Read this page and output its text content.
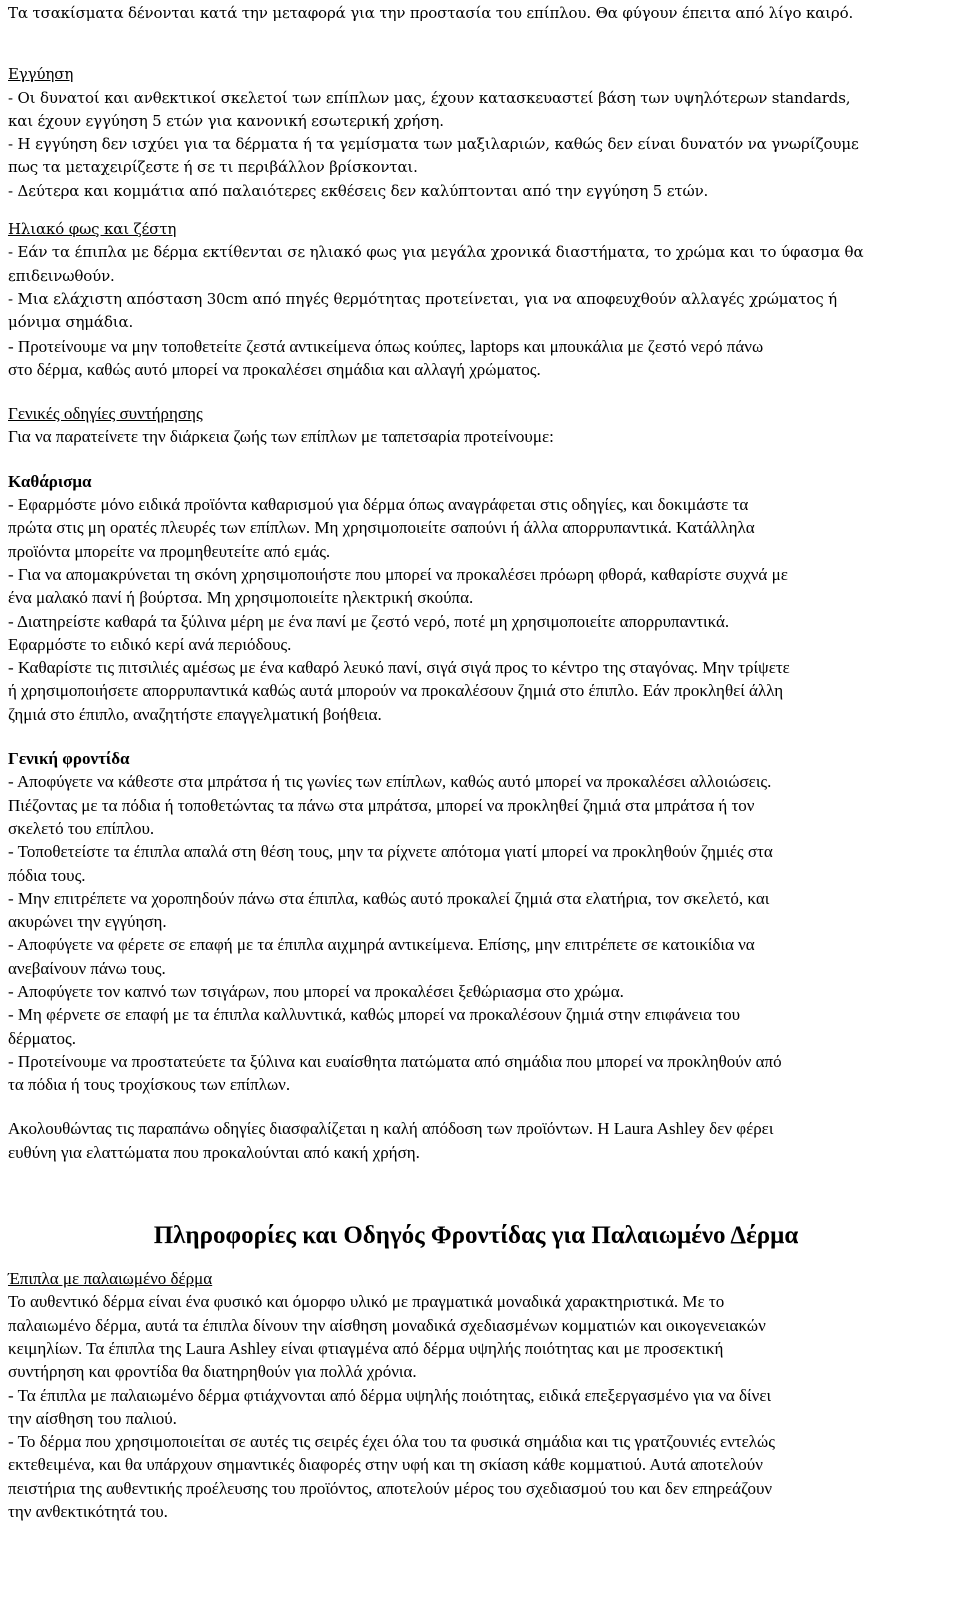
Τα τσακίσματα δένονται κατά την μεταφορά για την προστασία του επίπλου. Θα φύγουν έπειτα από λίγο καιρό.

Εγγύηση

- Οι δυνατοί και ανθεκτικοί σκελετοί των επίπλων μας, έχουν κατασκευαστεί βάση των υψηλότερων standards,

και έχουν εγγύηση 5 ετών για κανονική εσωτερική χρήση.

- Η εγγύηση δεν ισχύει για τα δέρματα ή τα γεμίσματα των μαξιλαριών, καθώς δεν είναι δυνατόν να γνωρίζουμε

πως τα μεταχειρίζεστε ή σε τι περιβάλλον βρίσκονται.

- Δεύτερα και κομμάτια από παλαιότερες εκθέσεις δεν καλύπτονται από την εγγύηση 5 ετών.

Ηλιακό φως και ζέστη

- Εάν τα έπιπλα με δέρμα εκτίθενται σε ηλιακό φως για μεγάλα χρονικά διαστήματα, το χρώμα και το ύφασμα θα

επιδεινωθούν.

- Μια ελάχιστη απόσταση 30cm από πηγές θερμότητας προτείνεται, για να αποφευχθούν αλλαγές χρώματος ή

μόνιμα σημάδια.

- Προτείνουμε να μην τοποθετείτε ζεστά αντικείμενα όπως κούπες, laptops και μπουκάλια με ζεστό νερό πάνω

στο δέρμα, καθώς αυτό μπορεί να προκαλέσει σημάδια και αλλαγή χρώματος.

Γενικές οδηγίες συντήρησης

Για να παρατείνετε την διάρκεια ζωής των επίπλων με ταπετσαρία προτείνουμε:

Καθάρισμα

- Εφαρμόστε μόνο ειδικά προϊόντα καθαρισμού για δέρμα όπως αναγράφεται στις οδηγίες, και δοκιμάστε τα

πρώτα στις μη ορατές πλευρές των επίπλων. Μη χρησιμοποιείτε σαπούνι ή άλλα απορρυπαντικά. Κατάλληλα

προϊόντα μπορείτε να προμηθευτείτε από εμάς.

- Για να απομακρύνεται τη σκόνη χρησιμοποιήστε που μπορεί να προκαλέσει πρόωρη φθορά, καθαρίστε συχνά με

ένα μαλακό πανί ή βούρτσα. Μη χρησιμοποιείτε ηλεκτρική σκούπα.

- Διατηρείστε καθαρά τα ξύλινα μέρη με ένα πανί με ζεστό νερό, ποτέ μη χρησιμοποιείτε απορρυπαντικά.

Εφαρμόστε το ειδικό κερί ανά περιόδους.

- Καθαρίστε τις πιτσιλιές αμέσως με ένα καθαρό λευκό πανί, σιγά σιγά προς το κέντρο της σταγόνας. Μην τρίψετε

ή χρησιμοποιήσετε απορρυπαντικά καθώς αυτά μπορούν να προκαλέσουν ζημιά στο έπιπλο. Εάν προκληθεί άλλη

ζημιά στο έπιπλο, αναζητήστε επαγγελματική βοήθεια.

Γενική φροντίδα

- Αποφύγετε να κάθεστε στα μπράτσα ή τις γωνίες των επίπλων, καθώς αυτό μπορεί να προκαλέσει αλλοιώσεις.

Πιέζοντας με τα πόδια ή τοποθετώντας τα πάνω στα μπράτσα, μπορεί να προκληθεί ζημιά στα μπράτσα ή τον

σκελετό του επίπλου.

- Τοποθετείστε τα έπιπλα απαλά στη θέση τους, μην τα ρίχνετε απότομα γιατί μπορεί να προκληθούν ζημιές στα

πόδια τους.

- Μην επιτρέπετε να χοροπηδούν πάνω στα έπιπλα, καθώς αυτό προκαλεί ζημιά στα ελατήρια, τον σκελετό, και

ακυρώνει την εγγύηση.

- Αποφύγετε να φέρετε σε επαφή με τα έπιπλα αιχμηρά αντικείμενα. Επίσης, μην επιτρέπετε σε κατοικίδια να

ανεβαίνουν πάνω τους.

- Αποφύγετε τον καπνό των τσιγάρων, που μπορεί να προκαλέσει ξεθώριασμα στο χρώμα.

- Μη φέρνετε σε επαφή με τα έπιπλα καλλυντικά, καθώς μπορεί να προκαλέσουν ζημιά στην επιφάνεια του

δέρματος.

- Προτείνουμε να προστατεύετε τα ξύλινα και ευαίσθητα πατώματα από σημάδια που μπορεί να προκληθούν από

τα πόδια ή τους τροχίσκους των επίπλων.

Ακολουθώντας τις παραπάνω οδηγίες διασφαλίζεται η καλή απόδοση των προϊόντων. Η Laura Ashley δεν φέρει

ευθύνη για ελαττώματα που προκαλούνται από κακή χρήση.

Πληροφορίες και Οδηγός Φροντίδας για Παλαιωμένο Δέρμα

Έπιπλα με παλαιωμένο δέρμα

Το αυθεντικό δέρμα είναι ένα φυσικό και όμορφο υλικό με πραγματικά μοναδικά χαρακτηριστικά. Με το

παλαιωμένο δέρμα, αυτά τα έπιπλα δίνουν την αίσθηση μοναδικά σχεδιασμένων κομματιών και οικογενειακών

κειμηλίων. Τα έπιπλα της Laura Ashley είναι φτιαγμένα από δέρμα υψηλής ποιότητας και με προσεκτική

συντήρηση και φροντίδα θα διατηρηθούν για πολλά χρόνια.

- Τα έπιπλα με παλαιωμένο δέρμα φτιάχνονται από δέρμα υψηλής ποιότητας, ειδικά επεξεργασμένο για να δίνει

την αίσθηση του παλιού.

- Το δέρμα που χρησιμοποιείται σε αυτές τις σειρές έχει όλα του τα φυσικά σημάδια και τις γρατζουνιές εντελώς

εκτεθειμένα, και θα υπάρχουν σημαντικές διαφορές στην υφή και τη σκίαση κάθε κομματιού. Αυτά αποτελούν

πειστήρια της αυθεντικής προέλευσης του προϊόντος, αποτελούν μέρος του σχεδιασμού του και δεν επηρεάζουν

την ανθεκτικότητά του.
